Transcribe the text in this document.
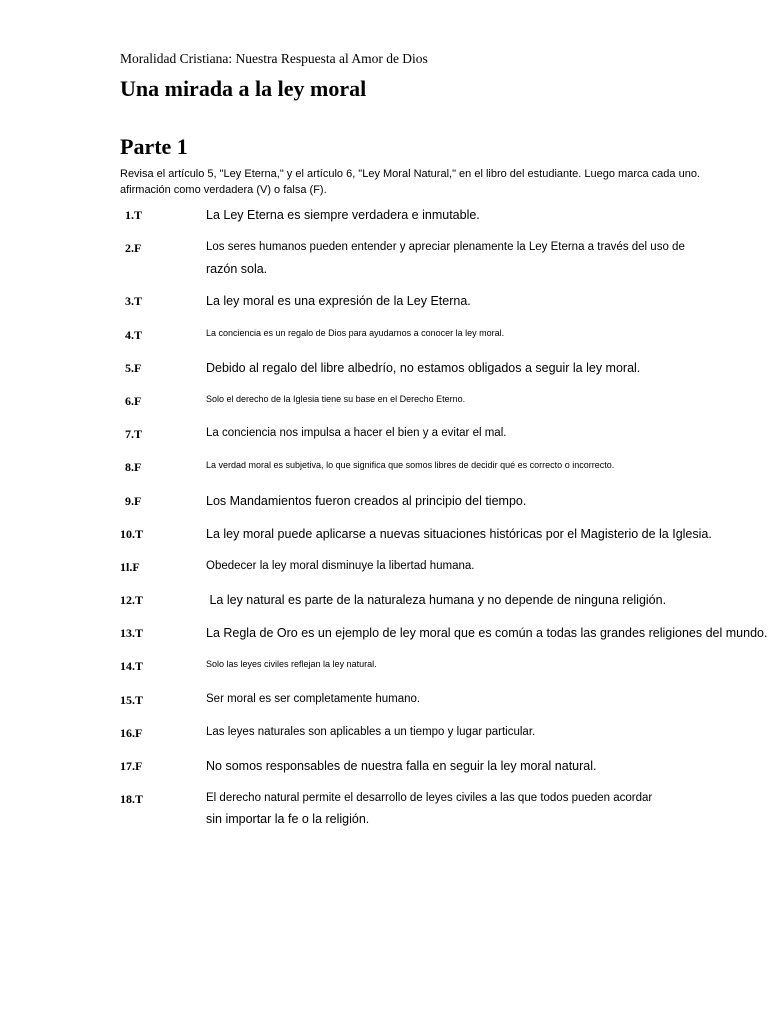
Moralidad Cristiana: Nuestra Respuesta al Amor de Dios
Una mirada a la ley moral
Parte 1
Revisa el artículo 5, "Ley Eterna," y el artículo 6, "Ley Moral Natural," en el libro del estudiante. Luego marca cada uno. afirmación como verdadera (V) o falsa (F).
1.T	La Ley Eterna es siempre verdadera e inmutable.
2.F	Los seres humanos pueden entender y apreciar plenamente la Ley Eterna a través del uso de
razón sola.
3.T	La ley moral es una expresión de la Ley Eterna.
4.T	La conciencia es un regalo de Dios para ayudarnos a conocer la ley moral.
5.F	Debido al regalo del libre albedrío, no estamos obligados a seguir la ley moral.
6.F	Solo el derecho de la Iglesia tiene su base en el Derecho Eterno.
7.T	La conciencia nos impulsa a hacer el bien y a evitar el mal.
8.F	La verdad moral es subjetiva, lo que significa que somos libres de decidir qué es correcto o incorrecto.
9.F	Los Mandamientos fueron creados al principio del tiempo.
10.T	La ley moral puede aplicarse a nuevas situaciones históricas por el Magisterio de la Iglesia.
1l.F	Obedecer la ley moral disminuye la libertad humana.
12.T	La ley natural es parte de la naturaleza humana y no depende de ninguna religión.
13.T	La Regla de Oro es un ejemplo de ley moral que es común a todas las grandes religiones del mundo.
14.T	Solo las leyes civiles reflejan la ley natural.
15.T	Ser moral es ser completamente humano.
16.F	Las leyes naturales son aplicables a un tiempo y lugar particular.
17.F	No somos responsables de nuestra falla en seguir la ley moral natural.
18.T	El derecho natural permite el desarrollo de leyes civiles a las que todos pueden acordar
sin importar la fe o la religión.
